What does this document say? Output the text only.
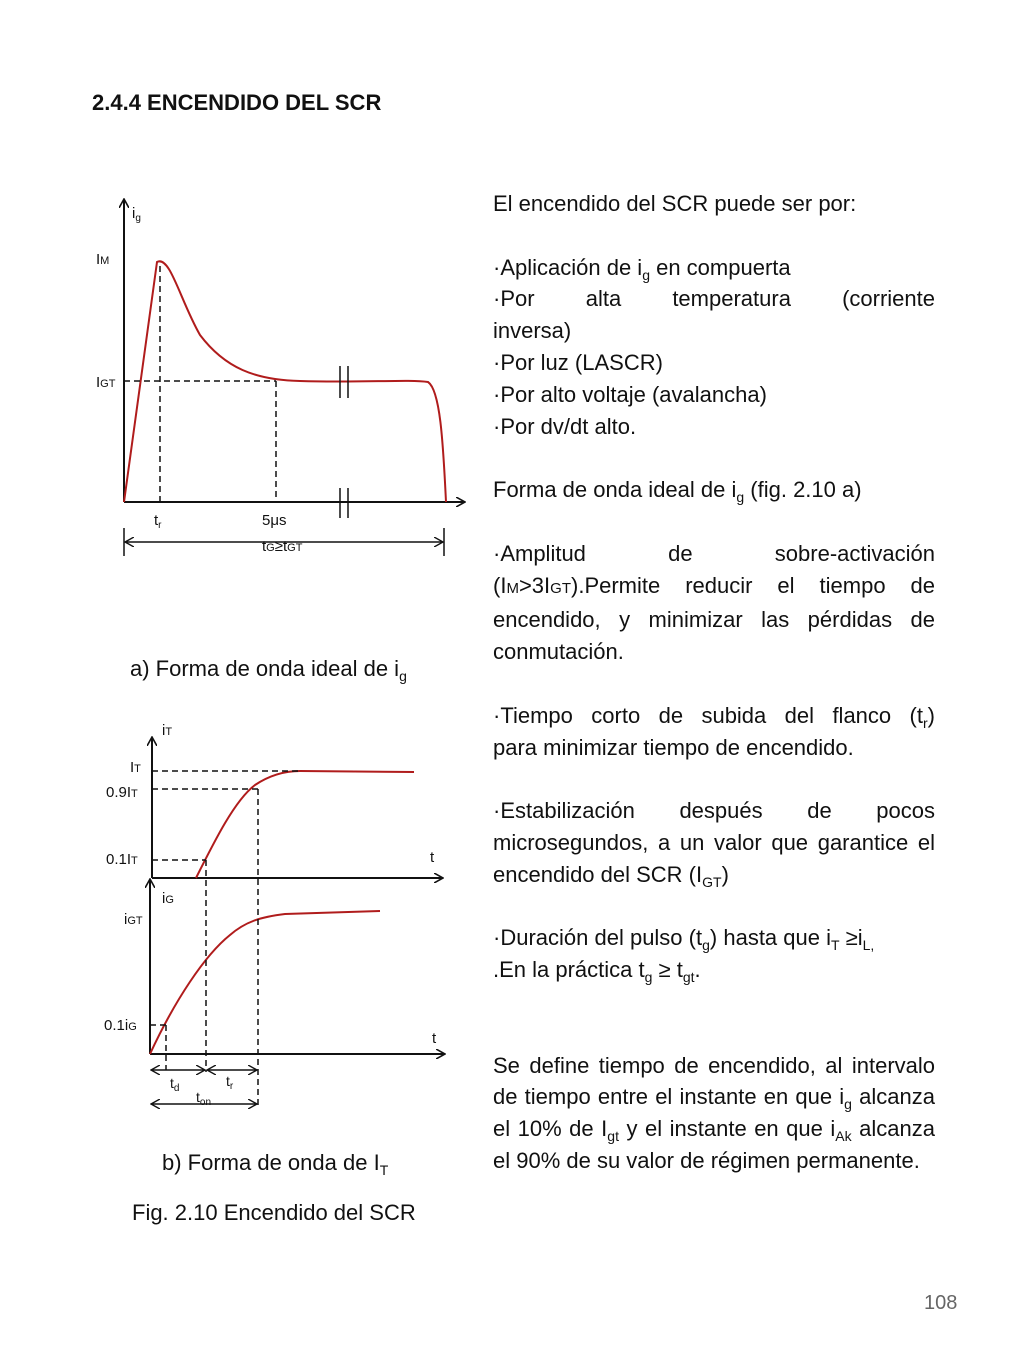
2.4.4 ENCENDIDO DEL SCR
$i_g$
IM
IGT
$t_r$	5μs
tG≥tGT
iT
IT
0.9IT
0.1IT	t
iG
iGT
0.1iG
t
$t_d$	$t_r$
$t_{on}$
a) Forma de onda ideal de $i_g$
b) Forma de onda de $I_T$
Fig. 2.10 Encendido del SCR

El encendido del SCR puede ser por:

·Aplicación de $i_g$ en compuerta

·Por alta temperatura (corriente

inversa)

·Por luz (LASCR)

·Por alto voltaje (avalancha)

·Por dv/dt alto.

Forma de onda ideal de $i_g$ (fig. 2.10 a)

·Amplitud de sobre-activación

(IM>3IGT).Permite reducir el tiempo de

encendido, y minimizar las pérdidas de conmutación.

·Tiempo corto de subida del flanco $(t_r)$

para minimizar tiempo de encendido.

·Estabilización después de pocos microsegundos, a un valor que garantice el encendido del SCR $(I_{GT})$

·Duración del pulso $(t_g)$ hasta que $i_T \ge i_{L,}$

.En la práctica $t_g \ge t_{gt}$.

Se define tiempo de encendido, al intervalo de tiempo entre el instante en que $i_g$ alcanza el 10% de $I_{gt}$ y el instante en que $i_{Ak}$ alcanza el 90% de su valor de régimen permanente.

108
